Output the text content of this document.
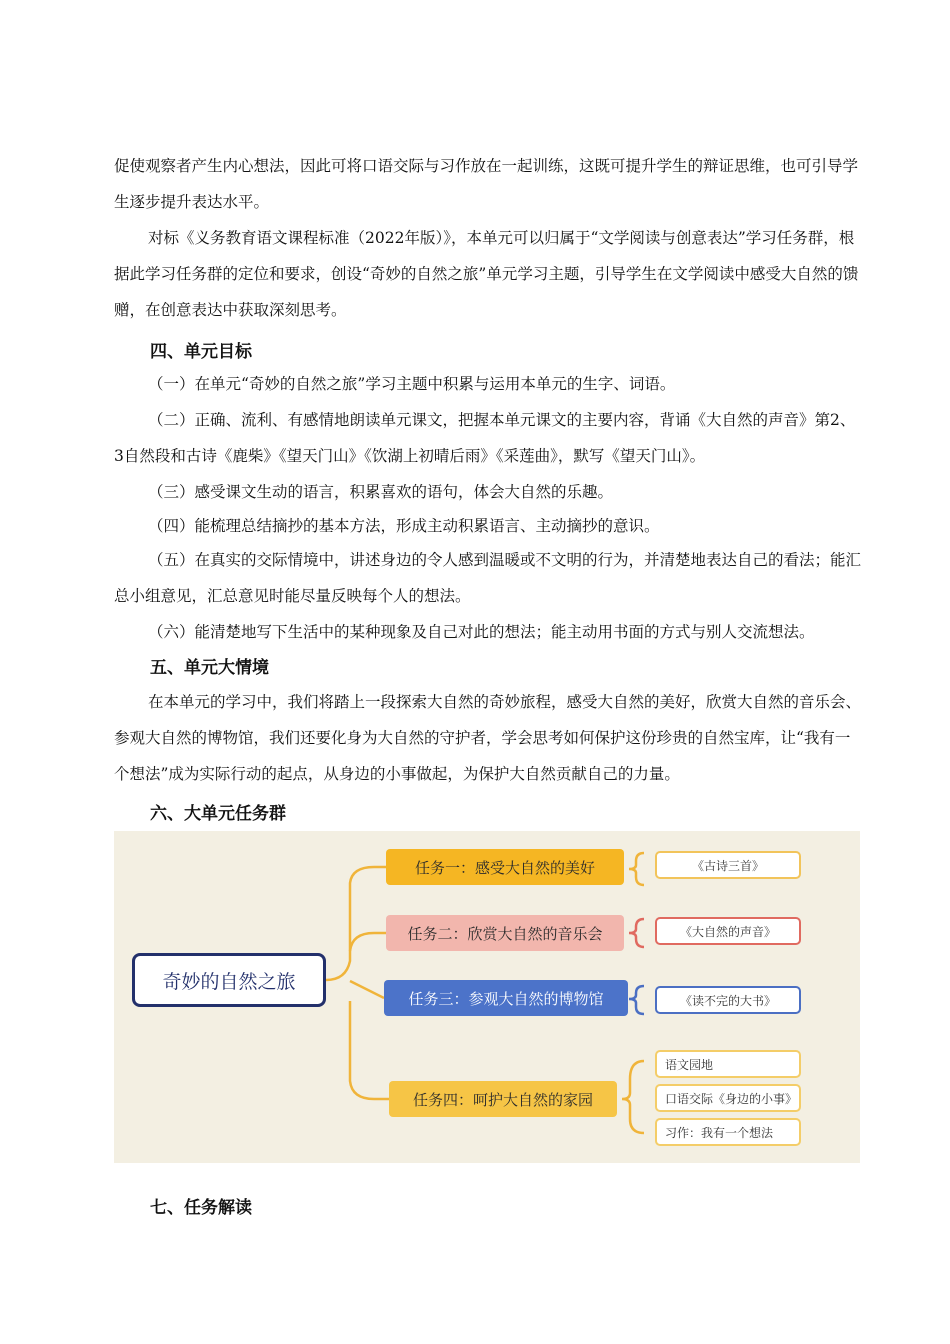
促使观察者产生内心想法，因此可将口语交际与习作放在一起训练，这既可提升学生的辩证思维，也可引导学生逐步提升表达水平。

对标《义务教育语文课程标准（2022年版）》，本单元可以归属于“文学阅读与创意表达”学习任务群，根据此学习任务群的定位和要求，创设“奇妙的自然之旅”单元学习主题，引导学生在文学阅读中感受大自然的馈赠，在创意表达中获取深刻思考。

四、单元目标

（一）在单元“奇妙的自然之旅”学习主题中积累与运用本单元的生字、词语。

（二）正确、流利、有感情地朗读单元课文，把握本单元课文的主要内容，背诵《大自然的声音》第2、3自然段和古诗《鹿柴》《望天门山》《饮湖上初晴后雨》《采莲曲》，默写《望天门山》。

（三）感受课文生动的语言，积累喜欢的语句，体会大自然的乐趣。

（四）能梳理总结摘抄的基本方法，形成主动积累语言、主动摘抄的意识。

（五）在真实的交际情境中，讲述身边的令人感到温暖或不文明的行为，并清楚地表达自己的看法；能汇总小组意见，汇总意见时能尽量反映每个人的想法。

（六）能清楚地写下生活中的某种现象及自己对此的想法；能主动用书面的方式与别人交流想法。

五、单元大情境

在本单元的学习中，我们将踏上一段探索大自然的奇妙旅程，感受大自然的美好，欣赏大自然的音乐会、参观大自然的博物馆，我们还要化身为大自然的守护者，学会思考如何保护这份珍贵的自然宝库，让“我有一个想法”成为实际行动的起点，从身边的小事做起，为保护大自然贡献自己的力量。

六、大单元任务群
奇妙的自然之旅
任务一：感受大自然的美好
任务二：欣赏大自然的音乐会
任务三：参观大自然的博物馆
任务四：呵护大自然的家园
《古诗三首》
《大自然的声音》
《读不完的大书》
语文园地
口语交际《身边的小事》
习作：我有一个想法
七、任务解读
